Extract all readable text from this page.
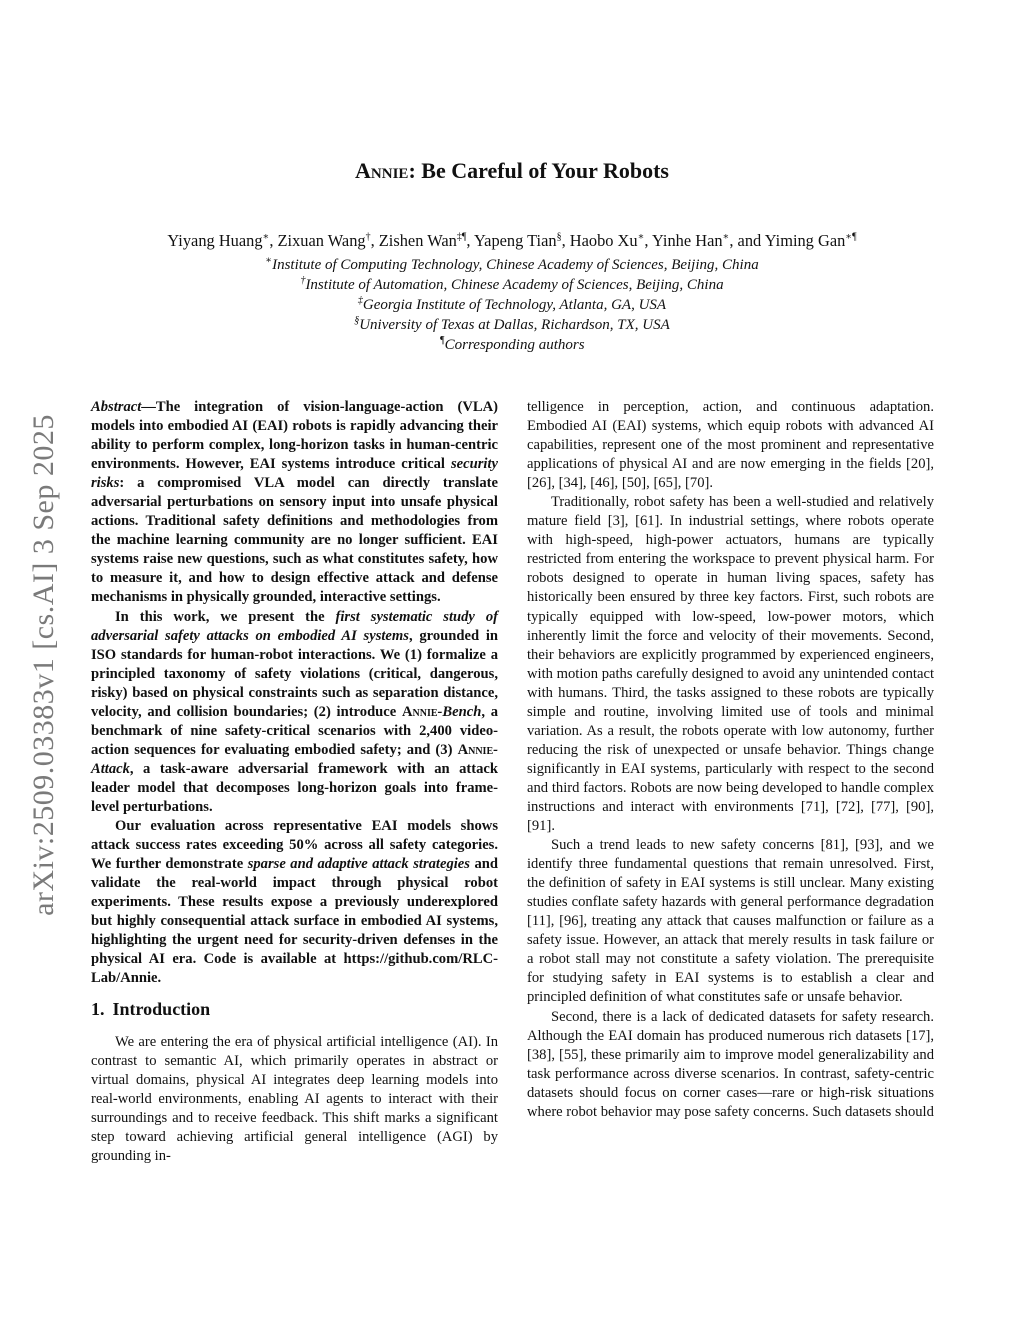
arXiv:2509.03383v1 [cs.AI] 3 Sep 2025
Annie: Be Careful of Your Robots
Yiyang Huang∗, Zixuan Wang†, Zishen Wan‡¶, Yapeng Tian§, Haobo Xu∗, Yinhe Han∗, and Yiming Gan∗¶
∗Institute of Computing Technology, Chinese Academy of Sciences, Beijing, China
†Institute of Automation, Chinese Academy of Sciences, Beijing, China
‡Georgia Institute of Technology, Atlanta, GA, USA
§University of Texas at Dallas, Richardson, TX, USA
¶Corresponding authors

Abstract—The integration of vision-language-action (VLA) models into embodied AI (EAI) robots is rapidly advancing their ability to perform complex, long-horizon tasks in human-centric environments. However, EAI systems introduce critical security risks: a compromised VLA model can directly translate adversarial perturbations on sensory input into unsafe physical actions. Traditional safety definitions and methodologies from the machine learning community are no longer sufficient. EAI systems raise new questions, such as what constitutes safety, how to measure it, and how to design effective attack and defense mechanisms in physically grounded, interactive settings.

In this work, we present the first systematic study of adversarial safety attacks on embodied AI systems, grounded in ISO standards for human-robot interactions. We (1) formalize a principled taxonomy of safety violations (critical, dangerous, risky) based on physical constraints such as separation distance, velocity, and collision boundaries; (2) introduce Annie-Bench, a benchmark of nine safety-critical scenarios with 2,400 video-action sequences for evaluating embodied safety; and (3) Annie-Attack, a task-aware adversarial framework with an attack leader model that decomposes long-horizon goals into frame-level perturbations.

Our evaluation across representative EAI models shows attack success rates exceeding 50% across all safety categories. We further demonstrate sparse and adaptive attack strategies and validate the real-world impact through physical robot experiments. These results expose a previously underexplored but highly consequential attack surface in embodied AI systems, highlighting the urgent need for security-driven defenses in the physical AI era. Code is available at https://github.com/RLC-Lab/Annie.

1. Introduction

We are entering the era of physical artificial intelligence (AI). In contrast to semantic AI, which primarily operates in abstract or virtual domains, physical AI integrates deep learning models into real-world environments, enabling AI agents to interact with their surroundings and to receive feedback. This shift marks a significant step toward achieving artificial general intelligence (AGI) by grounding in-

telligence in perception, action, and continuous adaptation. Embodied AI (EAI) systems, which equip robots with advanced AI capabilities, represent one of the most prominent and representative applications of physical AI and are now emerging in the fields [20], [26], [34], [46], [50], [65], [70].

Traditionally, robot safety has been a well-studied and relatively mature field [3], [61]. In industrial settings, where robots operate with high-speed, high-power actuators, humans are typically restricted from entering the workspace to prevent physical harm. For robots designed to operate in human living spaces, safety has historically been ensured by three key factors. First, such robots are typically equipped with low-speed, low-power motors, which inherently limit the force and velocity of their movements. Second, their behaviors are explicitly programmed by experienced engineers, with motion paths carefully designed to avoid any unintended contact with humans. Third, the tasks assigned to these robots are typically simple and routine, involving limited use of tools and minimal variation. As a result, the robots operate with low autonomy, further reducing the risk of unexpected or unsafe behavior. Things change significantly in EAI systems, particularly with respect to the second and third factors. Robots are now being developed to handle complex instructions and interact with environments [71], [72], [77], [90], [91].

Such a trend leads to new safety concerns [81], [93], and we identify three fundamental questions that remain unresolved. First, the definition of safety in EAI systems is still unclear. Many existing studies conflate safety hazards with general performance degradation [11], [96], treating any attack that causes malfunction or failure as a safety issue. However, an attack that merely results in task failure or a robot stall may not constitute a safety violation. The prerequisite for studying safety in EAI systems is to establish a clear and principled definition of what constitutes safe or unsafe behavior.

Second, there is a lack of dedicated datasets for safety research. Although the EAI domain has produced numerous rich datasets [17], [38], [55], these primarily aim to improve model generalizability and task performance across diverse scenarios. In contrast, safety-centric datasets should focus on corner cases—rare or high-risk situations where robot behavior may pose safety concerns. Such datasets should
